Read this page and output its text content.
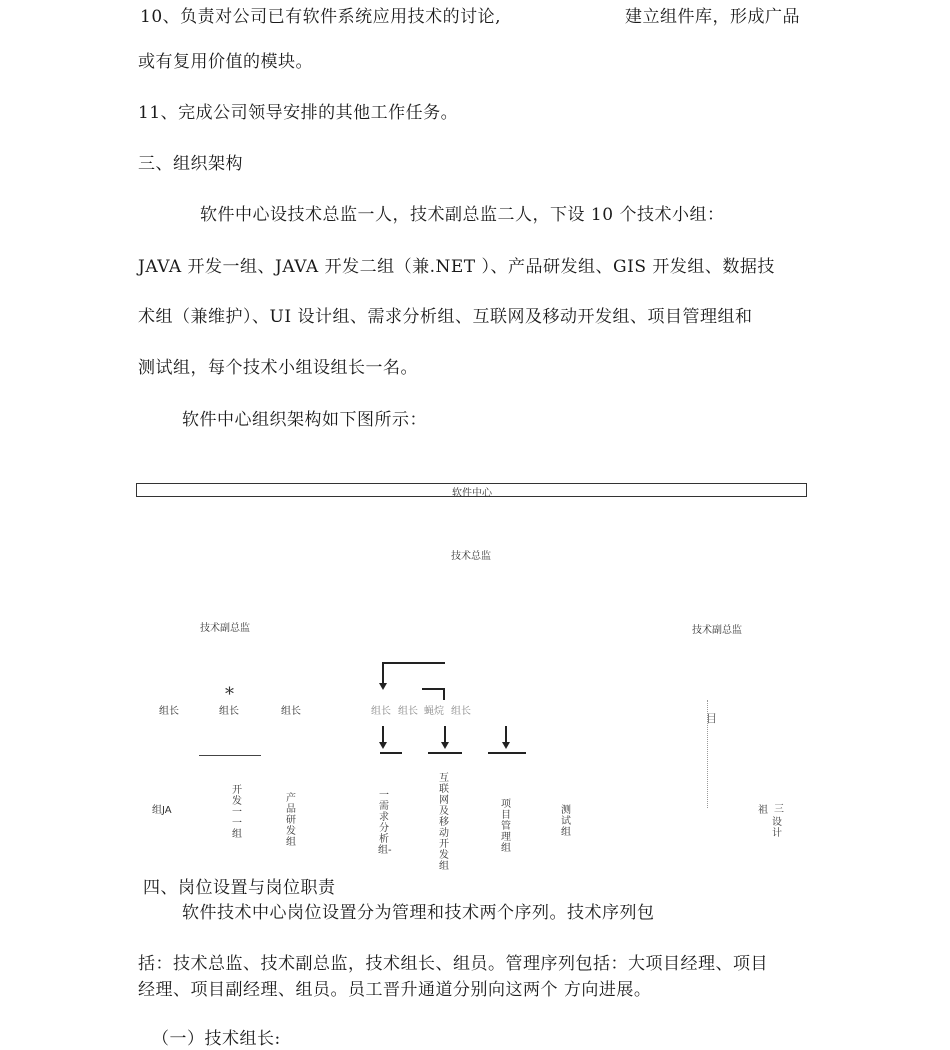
10、负责对公司已有软件系统应用技术的讨论,	建立组件库，形成广品
或有复用价值的模块。
11、完成公司领导安排的其他工作任务。
三、组织架构
软件中心设技术总监一人，技术副总监二人，下设 10 个技术小组：
JAVA 开发一组、JAVA 开发二组（兼.NET ）、产品研发组、GIS 开发组、数据技
术组（兼维护）、UI 设计组、需求分析组、互联网及移动开发组、项目管理组和
测试组，每个技术小组设组长一名。
软件中心组织架构如下图所示：
软件中心
技术总监
技术副总监	技术副总监
*
组长	组长	组长	组长 组长 蝇烷 组长
目
组JA
开发一一组
产品研发组
一需求分析组-
互联网及移动开发组
项目管理组
测试组
祖 三
设计
四、岗位设置与岗位职责
软件技术中心岗位设置分为管理和技术两个序列。技术序列包
括：技术总监、技术副总监，技术组长、组员。管理序列包括：大项目经理、项目
经理、项目副经理、组员。员工晋升通道分别向这两个 方向进展。
（一）技术组长:
